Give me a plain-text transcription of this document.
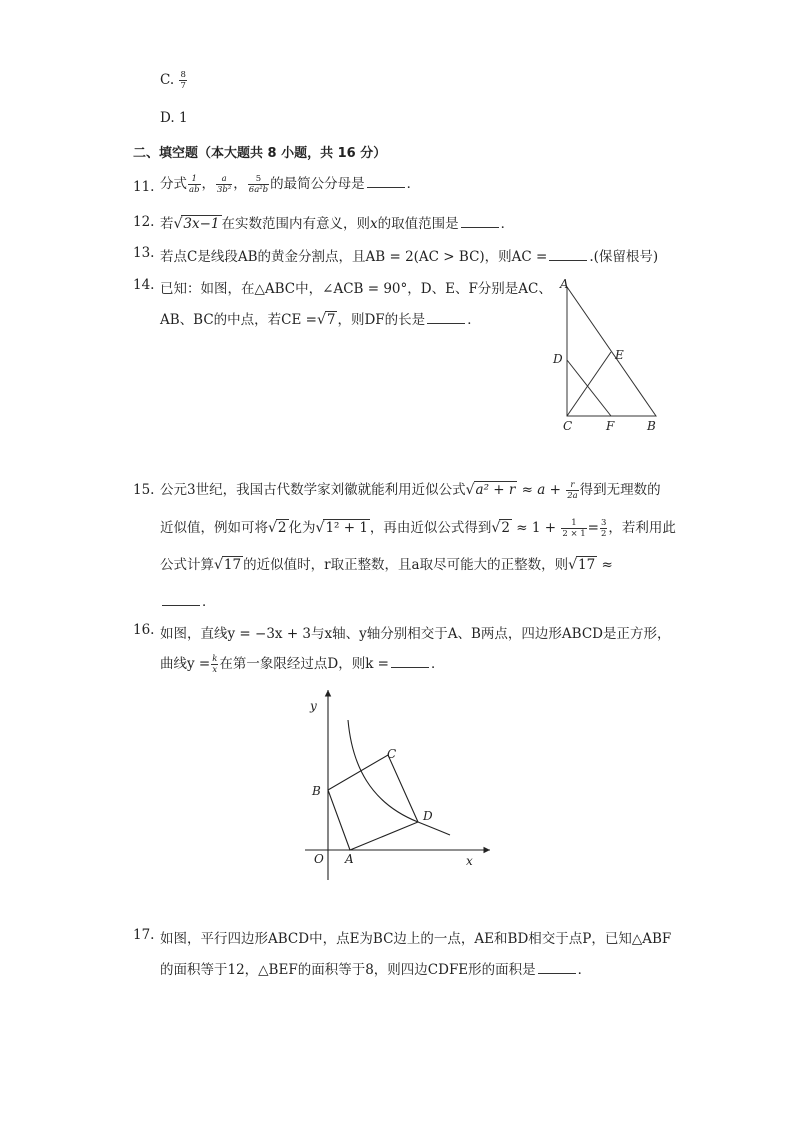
C. $\frac{8}{7}$
D. 1
二、填空题（本大题共 8 小题，共 16 分）
11. 分式 $\frac{1}{ab}$ ， $\frac{a}{\text{3b²}}$ ， $\frac{5}{\text{6a²b}}$ 的最简公分母是	．
12. 若√3x−1 在实数范围内有意义，则x的取值范围是	．
13. 若点C是线段AB的黄金分割点，且AB = 2(AC > BC)，则AC =	.(保留根号)
14. 已知：如图，在△ABC中，∠ACB = 90°，D、E、F分别是AC、
AB、BC的中点，若CE =√7 ，则DF的长是	．
A
D	E
C	F	B
15. 公元3世纪，我国古代数学家刘徽就能利用近似公式$√a^2 + r \approx a + \frac{r}{2a}$ 得到无理数的
近似值，例如可将√2 化为√1² + 1 ，再由近似公式得到$√2 \approx 1 + \frac{1}{2 \times 1} = \frac{3}{2}$ ，若利用此
公式计算√17 的近似值时，r取正整数，且a取尽可能大的正整数，则√17 ≈
．
16. 如图，直线y = −3x + 3与x轴、y轴分别相交于A、B两点，四边形ABCD是正方形，
曲线$y = \frac{k}{x}$ 在第一象限经过点D，则k =	．
y
x
O A
B
C
D
17. 如图，平行四边形ABCD中，点E为BC边上的一点，AE和BD相交于点P，已知△ABF
的面积等于12，△BEF的面积等于8，则四边CDFE形的面积是	．
